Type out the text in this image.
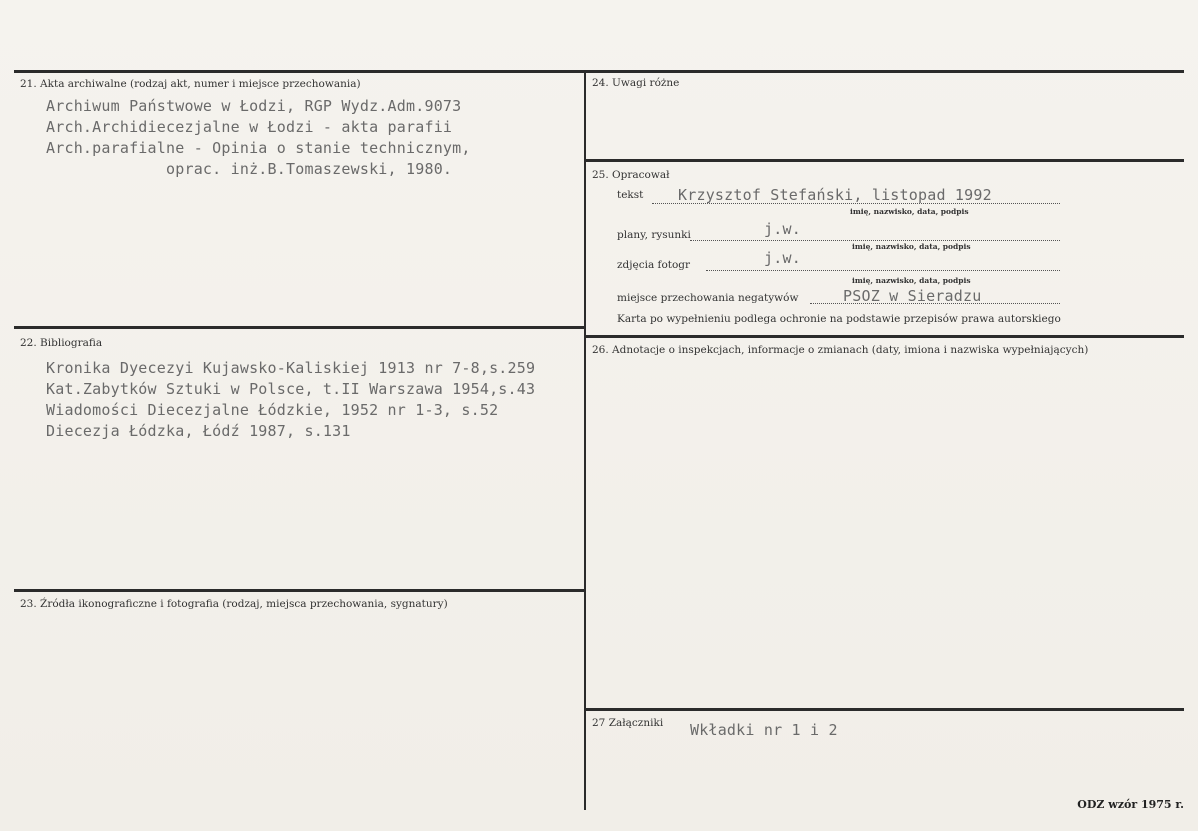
21. Akta archiwalne (rodzaj akt, numer i miejsce przechowania)
Archiwum Państwowe w Łodzi, RGP Wydz.Adm.9073
Arch.Archidiecezjalne w Łodzi - akta parafii
Arch.parafialne - Opinia o stanie technicznym,
oprac. inż.B.Tomaszewski, 1980.
22. Bibliografia
Kronika Dyecezyi Kujawsko-Kaliskiej 1913 nr 7-8,s.259
Kat.Zabytków Sztuki w Polsce, t.II Warszawa 1954,s.43
Wiadomości Diecezjalne Łódzkie, 1952 nr 1-3, s.52
Diecezja Łódzka, Łódź 1987, s.131
23. Źródła ikonograficzne i fotografia (rodzaj, miejsca przechowania, sygnatury)
24. Uwagi różne
25. Opracował
tekst Krzysztof Stefański, listopad 1992
imię, nazwisko, data, podpis
plany, rysunki	j.w.
imię, nazwisko, data, podpis
zdjęcia fotogr	j.w.
imię, nazwisko, data, podpis
miejsce przechowania negatywów	PSOZ w Sieradzu
Karta po wypełnieniu podlega ochronie na podstawie przepisów prawa autorskiego
26. Adnotacje o inspekcjach, informacje o zmianach (daty, imiona i nazwiska wypełniających)
27 Załączniki Wkładki nr 1 i 2
ODZ wzór 1975 r.
